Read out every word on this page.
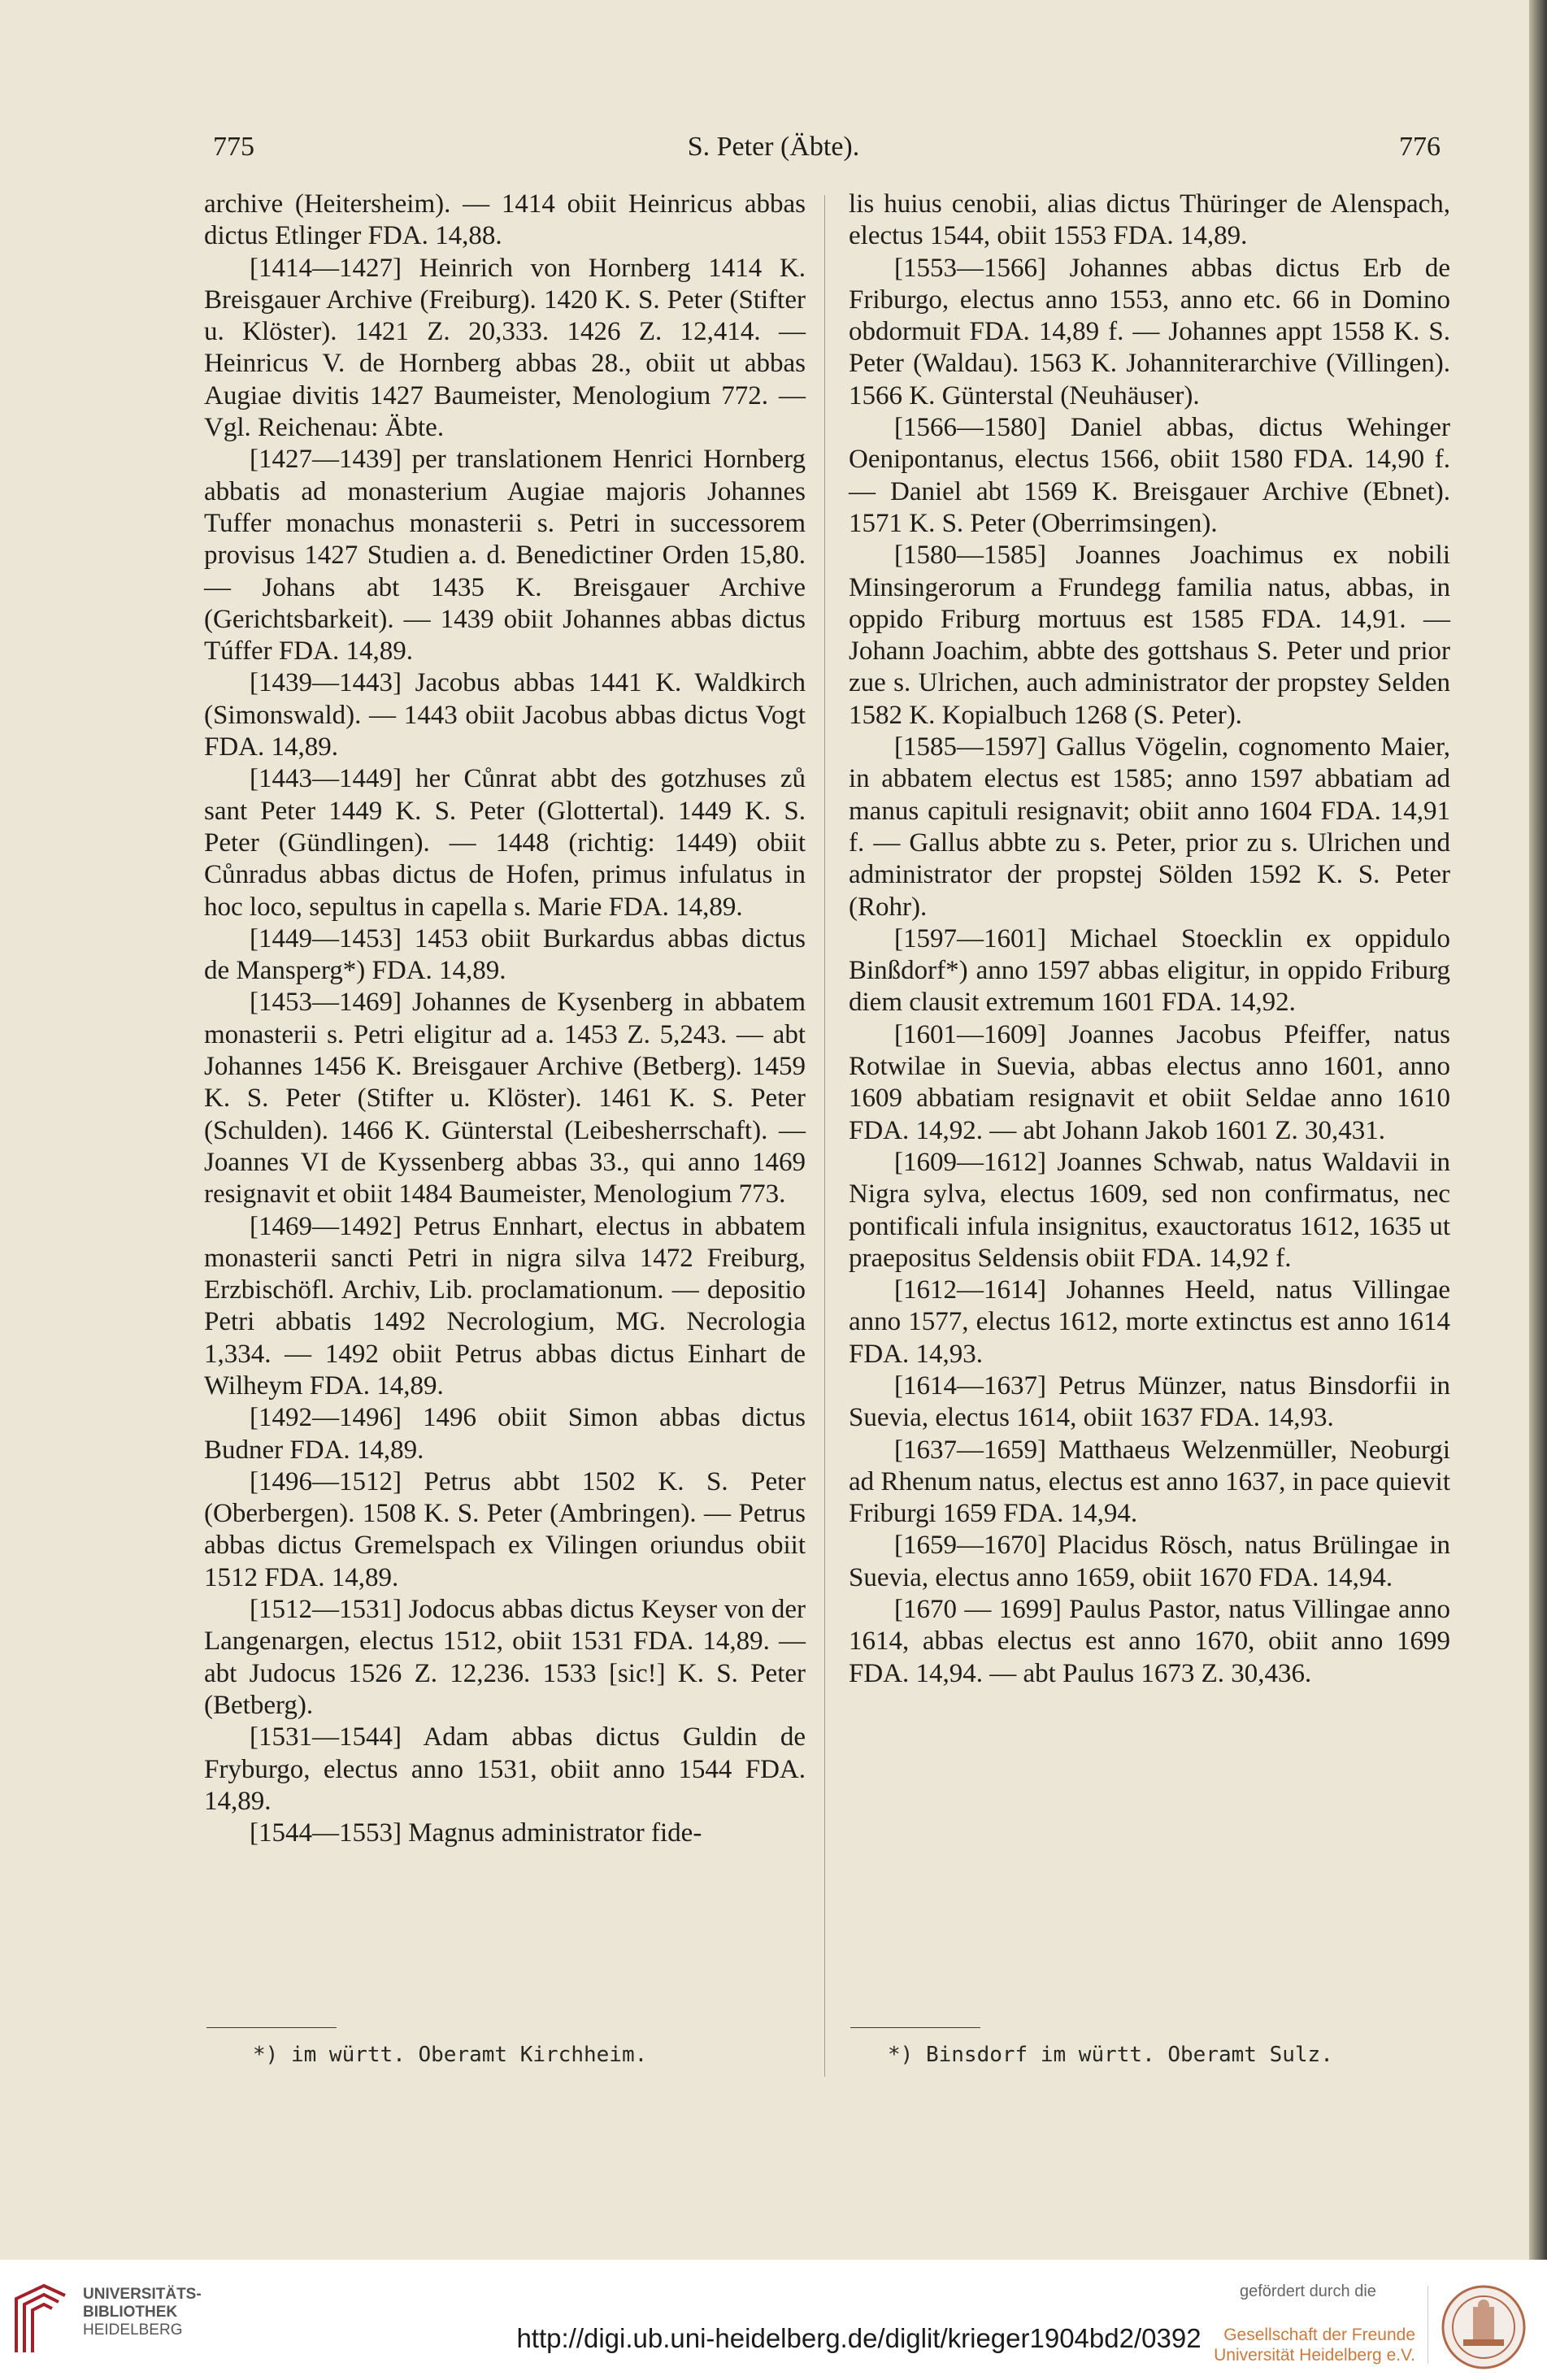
775	S. Peter (Äbte).	776

archive (Heitersheim). — 1414 obiit Heinricus abbas dictus Etlinger FDA. 14,88.

[1414—1427] Heinrich von Hornberg 1414 K. Breisgauer Archive (Freiburg). 1420 K. S. Peter (Stifter u. Klöster). 1421 Z. 20,333. 1426 Z. 12,414. — Heinricus V. de Hornberg abbas 28., obiit ut abbas Augiae divitis 1427 Baumeister, Menologium 772. — Vgl. Reichenau: Äbte.

[1427—1439] per translationem Henrici Hornberg abbatis ad monasterium Augiae majoris Johannes Tuffer monachus monasterii s. Petri in successorem provisus 1427 Studien a. d. Benedictiner Orden 15,80. — Johans abt 1435 K. Breisgauer Archive (Gerichtsbarkeit). — 1439 obiit Johannes abbas dictus Túffer FDA. 14,89.

[1439—1443] Jacobus abbas 1441 K. Waldkirch (Simonswald). — 1443 obiit Jacobus abbas dictus Vogt FDA. 14,89.

[1443—1449] her Cůnrat abbt des gotzhuses zů sant Peter 1449 K. S. Peter (Glottertal). 1449 K. S. Peter (Gündlingen). — 1448 (richtig: 1449) obiit Cůnradus abbas dictus de Hofen, primus infulatus in hoc loco, sepultus in capella s. Marie FDA. 14,89.

[1449—1453] 1453 obiit Burkardus abbas dictus de Mansperg*) FDA. 14,89.

[1453—1469] Johannes de Kysenberg in abbatem monasterii s. Petri eligitur ad a. 1453 Z. 5,243. — abt Johannes 1456 K. Breisgauer Archive (Betberg). 1459 K. S. Peter (Stifter u. Klöster). 1461 K. S. Peter (Schulden). 1466 K. Günterstal (Leibesherrschaft). — Joannes VI de Kyssenberg abbas 33., qui anno 1469 resignavit et obiit 1484 Baumeister, Menologium 773.

[1469—1492] Petrus Ennhart, electus in abbatem monasterii sancti Petri in nigra silva 1472 Freiburg, Erzbischöfl. Archiv, Lib. proclamationum. — depositio Petri abbatis 1492 Necrologium, MG. Necrologia 1,334. — 1492 obiit Petrus abbas dictus Einhart de Wilheym FDA. 14,89.

[1492—1496] 1496 obiit Simon abbas dictus Budner FDA. 14,89.

[1496—1512] Petrus abbt 1502 K. S. Peter (Oberbergen). 1508 K. S. Peter (Ambringen). — Petrus abbas dictus Gremelspach ex Vilingen oriundus obiit 1512 FDA. 14,89.

[1512—1531] Jodocus abbas dictus Keyser von der Langenargen, electus 1512, obiit 1531 FDA. 14,89. — abt Judocus 1526 Z. 12,236. 1533 [sic!] K. S. Peter (Betberg).

[1531—1544] Adam abbas dictus Guldin de Fryburgo, electus anno 1531, obiit anno 1544 FDA. 14,89.

[1544—1553] Magnus administrator fide-

lis huius cenobii, alias dictus Thüringer de Alenspach, electus 1544, obiit 1553 FDA. 14,89.

[1553—1566] Johannes abbas dictus Erb de Friburgo, electus anno 1553, anno etc. 66 in Domino obdormuit FDA. 14,89 f. — Johannes appt 1558 K. S. Peter (Waldau). 1563 K. Johanniterarchive (Villingen). 1566 K. Günterstal (Neuhäuser).

[1566—1580] Daniel abbas, dictus Wehinger Oenipontanus, electus 1566, obiit 1580 FDA. 14,90 f. — Daniel abt 1569 K. Breisgauer Archive (Ebnet). 1571 K. S. Peter (Oberrimsingen).

[1580—1585] Joannes Joachimus ex nobili Minsingerorum a Frundegg familia natus, abbas, in oppido Friburg mortuus est 1585 FDA. 14,91. — Johann Joachim, abbte des gottshaus S. Peter und prior zue s. Ulrichen, auch administrator der propstey Selden 1582 K. Kopialbuch 1268 (S. Peter).

[1585—1597] Gallus Vögelin, cognomento Maier, in abbatem electus est 1585; anno 1597 abbatiam ad manus capituli resignavit; obiit anno 1604 FDA. 14,91 f. — Gallus abbte zu s. Peter, prior zu s. Ulrichen und administrator der propstej Sölden 1592 K. S. Peter (Rohr).

[1597—1601] Michael Stoecklin ex oppidulo Binßdorf*) anno 1597 abbas eligitur, in oppido Friburg diem clausit extremum 1601 FDA. 14,92.

[1601—1609] Joannes Jacobus Pfeiffer, natus Rotwilae in Suevia, abbas electus anno 1601, anno 1609 abbatiam resignavit et obiit Seldae anno 1610 FDA. 14,92. — abt Johann Jakob 1601 Z. 30,431.

[1609—1612] Joannes Schwab, natus Waldavii in Nigra sylva, electus 1609, sed non confirmatus, nec pontificali infula insignitus, exauctoratus 1612, 1635 ut praepositus Seldensis obiit FDA. 14,92 f.

[1612—1614] Johannes Heeld, natus Villingae anno 1577, electus 1612, morte extinctus est anno 1614 FDA. 14,93.

[1614—1637] Petrus Münzer, natus Binsdorfii in Suevia, electus 1614, obiit 1637 FDA. 14,93.

[1637—1659] Matthaeus Welzenmüller, Neoburgi ad Rhenum natus, electus est anno 1637, in pace quievit Friburgi 1659 FDA. 14,94.

[1659—1670] Placidus Rösch, natus Brülingae in Suevia, electus anno 1659, obiit 1670 FDA. 14,94.

[1670 — 1699] Paulus Pastor, natus Villingae anno 1614, abbas electus est anno 1670, obiit anno 1699 FDA. 14,94. — abt Paulus 1673 Z. 30,436.

*) im württ. Oberamt Kirchheim.	*) Binsdorf im württ. Oberamt Sulz.
UNIVERSITÄTS-
BIBLIOTHEK
HEIDELBERG	http://digi.ub.uni-heidelberg.de/diglit/krieger1904bd2/0392
gefördert durch die
Gesellschaft der Freunde
Universität Heidelberg e.V.
